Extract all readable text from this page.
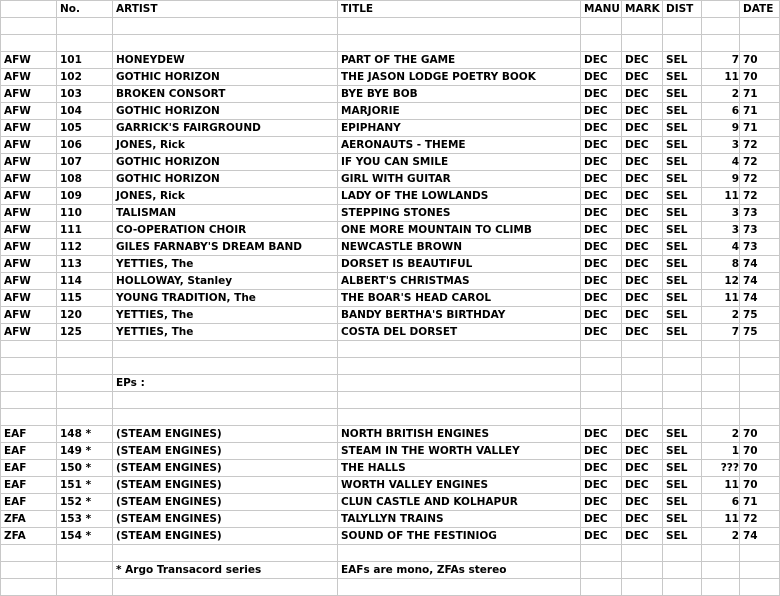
	No.	ARTIST	TITLE	MANU	MARK	DIST		DATE

AFW	101	HONEYDEW	PART OF THE GAME	DEC	DEC	SEL	7	70
AFW	102	GOTHIC HORIZON	THE JASON LODGE POETRY BOOK	DEC	DEC	SEL	11	70
AFW	103	BROKEN CONSORT	BYE BYE BOB	DEC	DEC	SEL	2	71
AFW	104	GOTHIC HORIZON	MARJORIE	DEC	DEC	SEL	6	71
AFW	105	GARRICK'S FAIRGROUND	EPIPHANY	DEC	DEC	SEL	9	71
AFW	106	JONES, Rick	AERONAUTS - THEME	DEC	DEC	SEL	3	72
AFW	107	GOTHIC HORIZON	IF YOU CAN SMILE	DEC	DEC	SEL	4	72
AFW	108	GOTHIC HORIZON	GIRL WITH GUITAR	DEC	DEC	SEL	9	72
AFW	109	JONES, Rick	LADY OF THE LOWLANDS	DEC	DEC	SEL	11	72
AFW	110	TALISMAN	STEPPING STONES	DEC	DEC	SEL	3	73
AFW	111	CO-OPERATION CHOIR	ONE MORE MOUNTAIN TO CLIMB	DEC	DEC	SEL	3	73
AFW	112	GILES FARNABY'S DREAM BAND	NEWCASTLE BROWN	DEC	DEC	SEL	4	73
AFW	113	YETTIES, The	DORSET IS BEAUTIFUL	DEC	DEC	SEL	8	74
AFW	114	HOLLOWAY, Stanley	ALBERT'S CHRISTMAS	DEC	DEC	SEL	12	74
AFW	115	YOUNG TRADITION, The	THE BOAR'S HEAD CAROL	DEC	DEC	SEL	11	74
AFW	120	YETTIES, The	BANDY BERTHA'S BIRTHDAY	DEC	DEC	SEL	2	75
AFW	125	YETTIES, The	COSTA DEL DORSET	DEC	DEC	SEL	7	75

		EPs :						

EAF	148 *	(STEAM ENGINES)	NORTH BRITISH ENGINES	DEC	DEC	SEL	2	70
EAF	149 *	(STEAM ENGINES)	STEAM IN THE WORTH VALLEY	DEC	DEC	SEL	1	70
EAF	150 *	(STEAM ENGINES)	THE HALLS	DEC	DEC	SEL	???	70
EAF	151 *	(STEAM ENGINES)	WORTH VALLEY ENGINES	DEC	DEC	SEL	11	70
EAF	152 *	(STEAM ENGINES)	CLUN CASTLE AND KOLHAPUR	DEC	DEC	SEL	6	71
ZFA	153 *	(STEAM ENGINES)	TALYLLYN TRAINS	DEC	DEC	SEL	11	72
ZFA	154 *	(STEAM ENGINES)	SOUND OF THE FESTINIOG	DEC	DEC	SEL	2	74

		* Argo Transacord series	EAFs are mono, ZFAs stereo					
